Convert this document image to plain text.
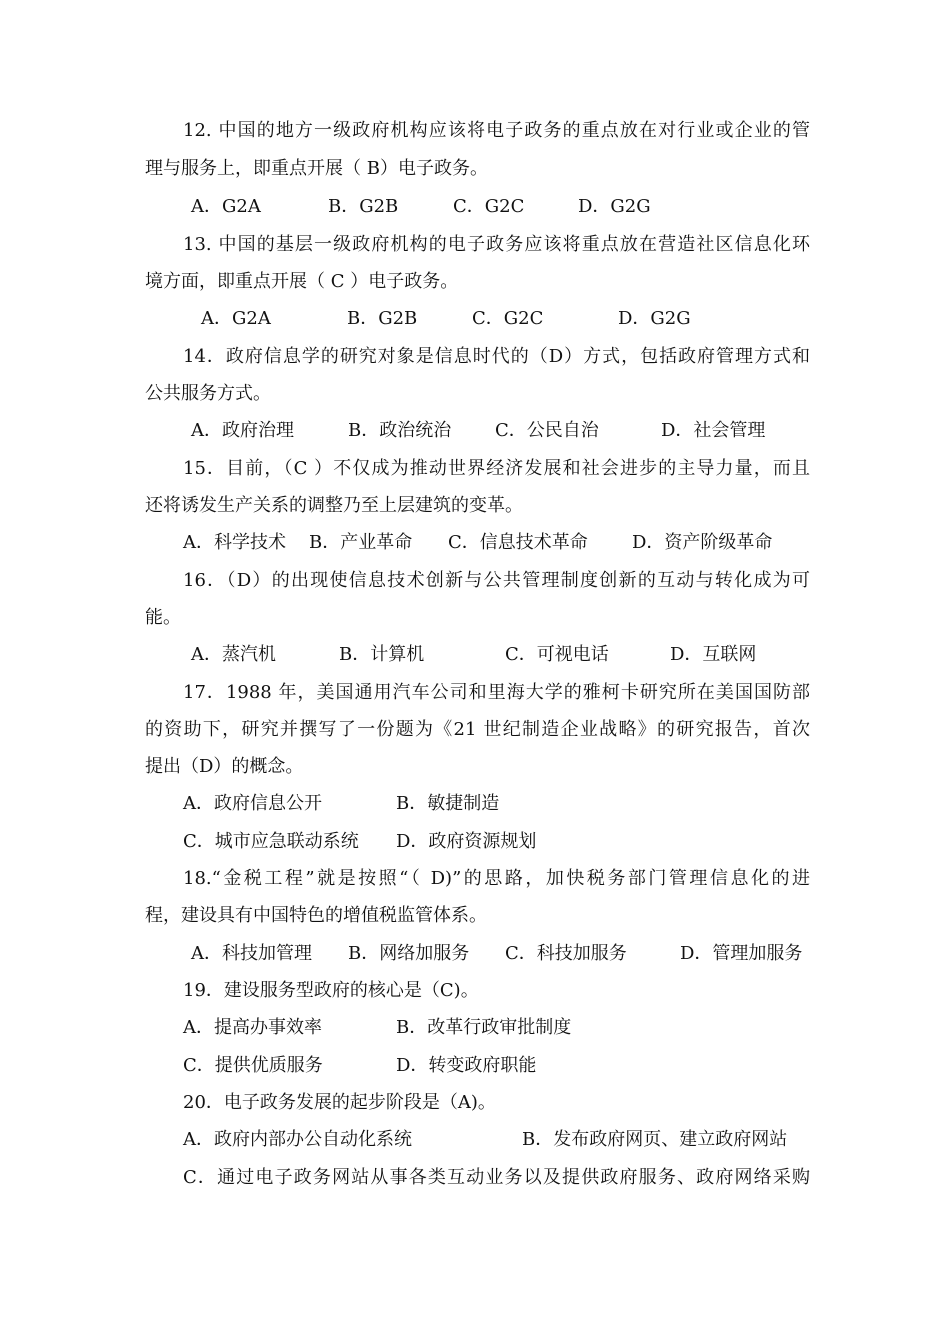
12. 中国的地方一级政府机构应该将电子政务的重点放在对行业或企业的管
理与服务上，即重点开展（ B）电子政务。
A．G2A	B．G2B	C．G2C	D．G2G
13. 中国的基层一级政府机构的电子政务应该将重点放在营造社区信息化环
境方面，即重点开展（ C ）电子政务。
A．G2A	B．G2B	C．G2C	D．G2G
14．政府信息学的研究对象是信息时代的（D）方式，包括政府管理方式和
公共服务方式。
A．政府治理	B．政治统治 C．公民自治	D．社会管理
15．目前，（C ）不仅成为推动世界经济发展和社会进步的主导力量，而且
还将诱发生产关系的调整乃至上层建筑的变革。
A．科学技术 B．产业革命 C．信息技术革命 D．资产阶级革命
16．（D）的出现使信息技术创新与公共管理制度创新的互动与转化成为可
能。
A．蒸汽机	B．计算机	C．可视电话	D．互联网
17．1988 年，美国通用汽车公司和里海大学的雅柯卡研究所在美国国防部
的资助下，研究并撰写了一份题为《21 世纪制造企业战略》的研究报告，首次
提出（D）的概念。
A．政府信息公开	B．敏捷制造
C．城市应急联动系统 D．政府资源规划
18.“金税工程”就是按照“（ D)”的思路，加快税务部门管理信息化的进
程，建设具有中国特色的增值税监管体系。
A．科技加管理 B．网络加服务 C．科技加服务	D．管理加服务
19．建设服务型政府的核心是（C)。
A．提高办事效率	B．改革行政审批制度
C．提供优质服务	D．转变政府职能
20．电子政务发展的起步阶段是（A)。
A．政府内部办公自动化系统	B．发布政府网页、建立政府网站
C．通过电子政务网站从事各类互动业务以及提供政府服务、政府网络采购
